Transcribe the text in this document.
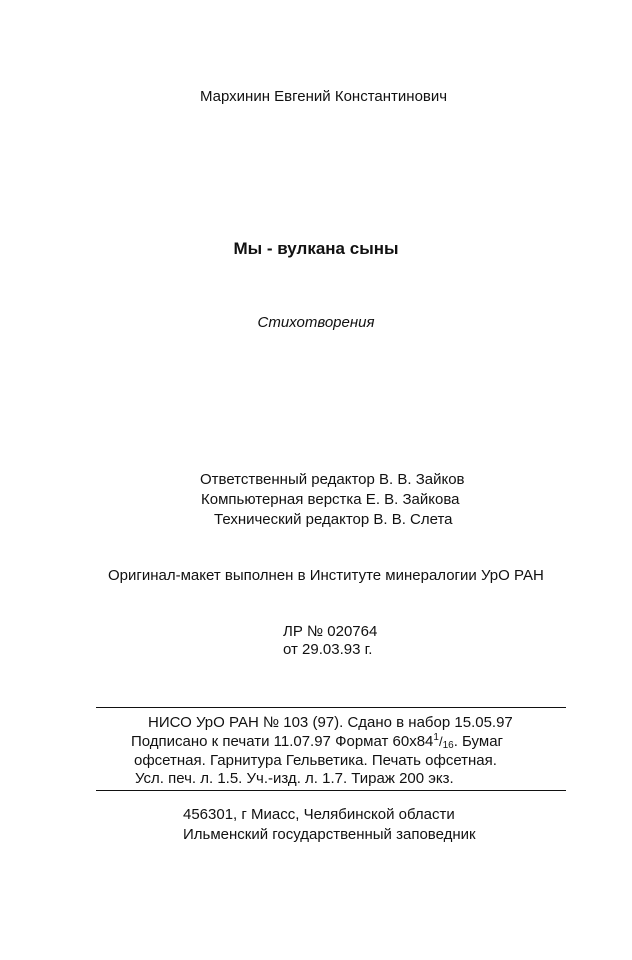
Мархинин Евгений Константинович
Мы - вулкана сыны
Стихотворения
Ответственный редактор В. В. Зайков
Компьютерная верстка Е. В. Зайкова
Технический редактор В. В. Слета
Оригинал-макет выполнен в Институте минералогии УрО РАН
ЛР № 020764
от 29.03.93 г.
НИСО УрО РАН № 103 (97). Сдано в набор 15.05.97
Подписано к печати 11.07.97 Формат $60x84^1/_{16}$. Бумаг
офсетная. Гарнитура Гельветика. Печать офсетная.
Усл. печ. л. 1.5. Уч.-изд. л. 1.7. Тираж 200 экз.
456301, г Миасс, Челябинской области
Ильменский государственный заповедник
